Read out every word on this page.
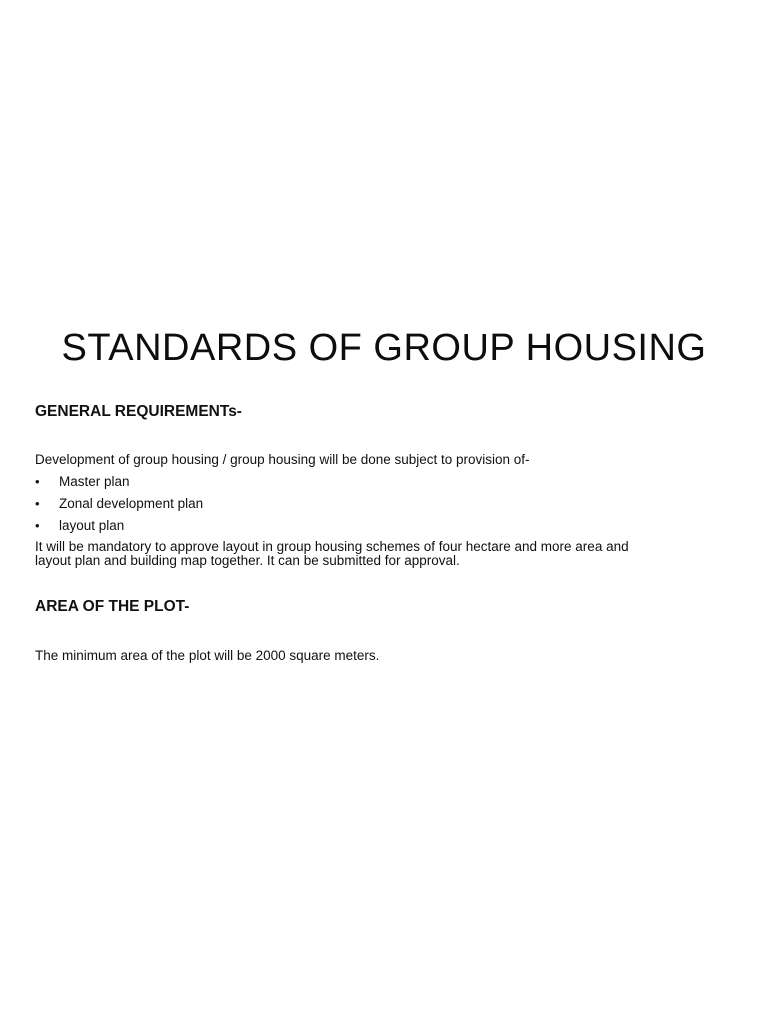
STANDARDS OF GROUP HOUSING
GENERAL REQUIREMENTs-

Development of group housing / group housing will be done subject to provision of-

•	Master plan
•	Zonal development plan
•	layout plan

It will be mandatory to approve layout in group housing schemes of four hectare and more area and layout plan and building map together. It can be submitted for approval.

AREA OF THE PLOT-

The minimum area of the plot will be 2000 square meters.
